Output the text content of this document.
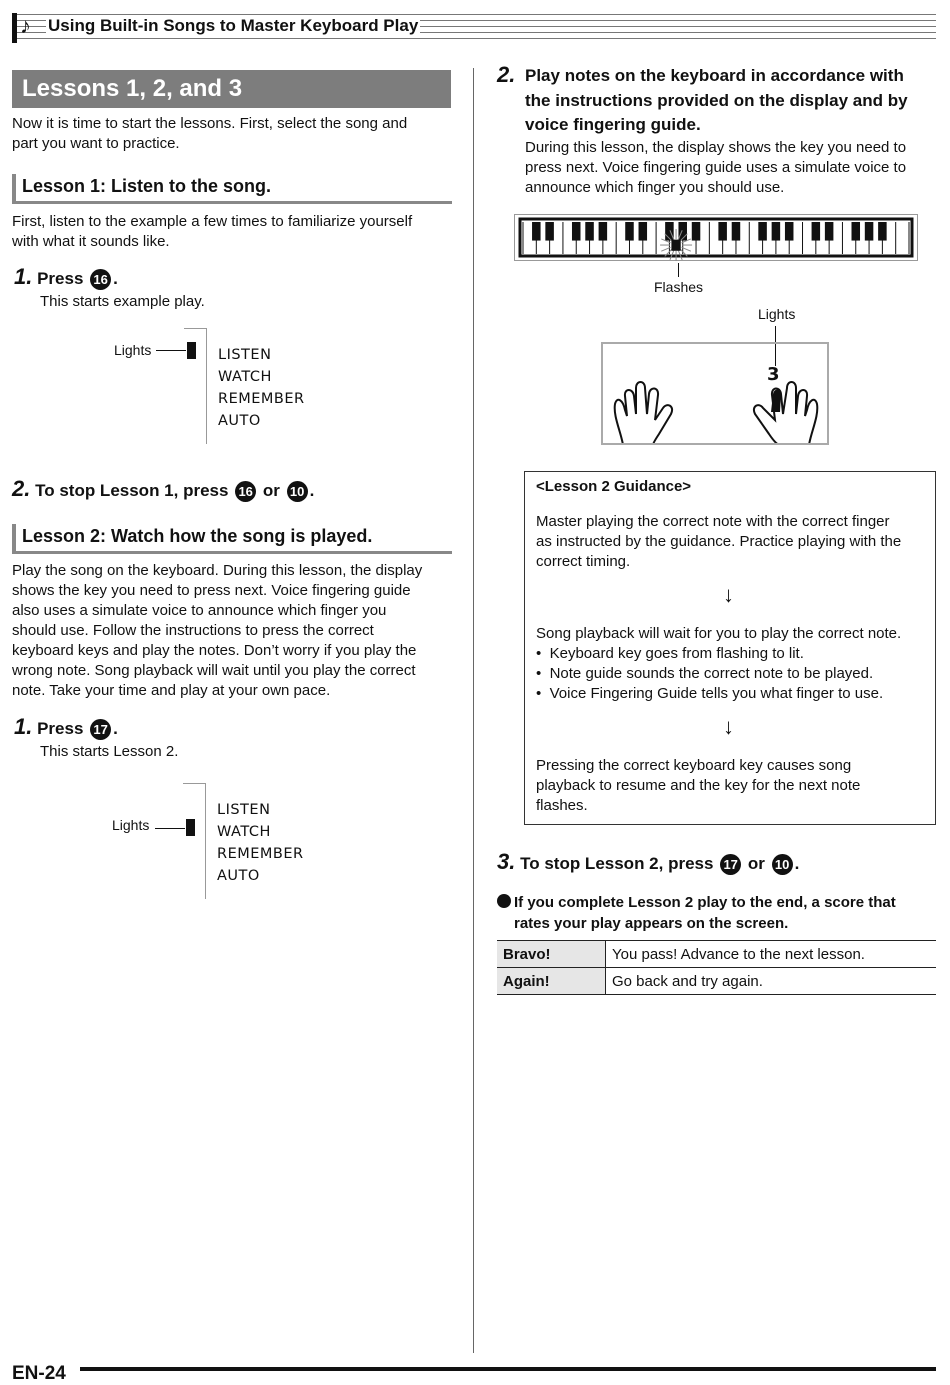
♪ Using Built-in Songs to Master Keyboard Play
Lessons 1, 2, and 3
Now it is time to start the lessons. First, select the song and
part you want to practice.
Lesson 1: Listen to the song.
First, listen to the example a few times to familiarize yourself
with what it sounds like.
1. Press 16 .
This starts example play.
Lights	LISTEN
WATCH
REMEMBER
AUTO
2. To stop Lesson 1, press 16 or 10 .
Lesson 2: Watch how the song is played.
Play the song on the keyboard. During this lesson, the display
shows the key you need to press next. Voice fingering guide
also uses a simulate voice to announce which finger you
should use. Follow the instructions to press the correct
keyboard keys and play the notes. Don’t worry if you play the
wrong note. Song playback will wait until you play the correct
note. Take your time and play at your own pace.
1. Press 17 .
This starts Lesson 2.
Lights
LISTEN
WATCH
REMEMBER
AUTO
2. Play notes on the keyboard in accordance with
the instructions provided on the display and by
voice fingering guide.
During this lesson, the display shows the key you need to
press next. Voice fingering guide uses a simulate voice to
announce which finger you should use.
Flashes
Lights
3
<Lesson 2 Guidance>
Master playing the correct note with the correct finger
as instructed by the guidance. Practice playing with the
correct timing.
↓
Song playback will wait for you to play the correct note.
•  Keyboard key goes from flashing to lit.
•  Note guide sounds the correct note to be played.
•  Voice Fingering Guide tells you what finger to use.
↓
Pressing the correct keyboard key causes song
playback to resume and the key for the next note
flashes.
3. To stop Lesson 2, press 17 or 10 .
If you complete Lesson 2 play to the end, a score that
rates your play appears on the screen.
Bravo!	You pass! Advance to the next lesson.
Again!	Go back and try again.
EN-24
